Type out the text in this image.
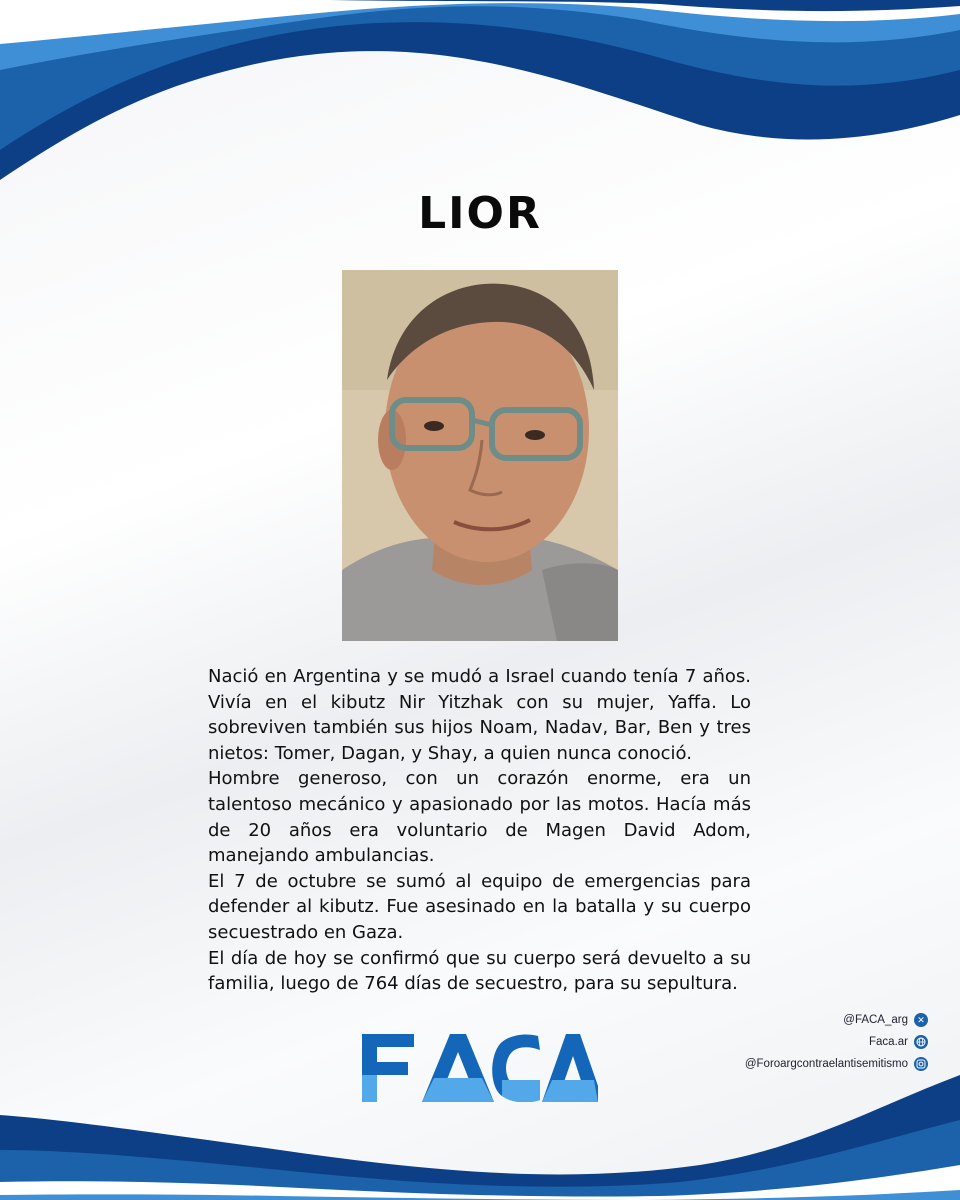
LIOR

Nació en Argentina y se mudó a Israel cuando tenía 7 años. Vivía en el kibutz Nir Yitzhak con su mujer, Yaffa. Lo sobreviven también sus hijos Noam, Nadav, Bar, Ben y tres nietos: Tomer, Dagan, y Shay, a quien nunca conoció.

Hombre generoso, con un corazón enorme, era un talentoso mecánico y apasionado por las motos. Hacía más de 20 años era voluntario de Magen David Adom, manejando ambulancias.

El 7 de octubre se sumó al equipo de emergencias para defender al kibutz. Fue asesinado en la batalla y su cuerpo secuestrado en Gaza.

El día de hoy se confirmó que su cuerpo será devuelto a su familia, luego de 764 días de secuestro, para su sepultura.

@FACA_arg	✕
Faca.ar
@Foroargcontraelantisemitismo
